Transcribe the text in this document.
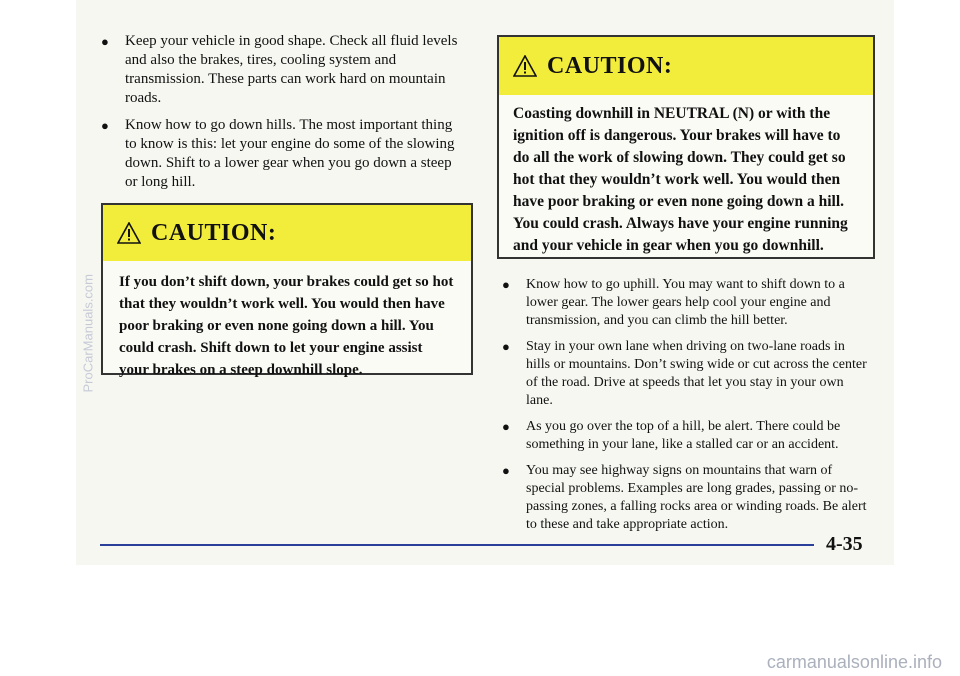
● Keep your vehicle in good shape. Check all fluid levels and also the brakes, tires, cooling system and transmission. These parts can work hard on mountain roads.
● Know how to go down hills. The most important thing to know is this: let your engine do some of the slowing down. Shift to a lower gear when you go down a steep or long hill.
CAUTION:
If you don’t shift down, your brakes could get so hot that they wouldn’t work well. You would then have poor braking or even none going down a hill. You could crash. Shift down to let your engine assist your brakes on a steep downhill slope.
CAUTION:
Coasting downhill in NEUTRAL (N) or with the ignition off is dangerous. Your brakes will have to do all the work of slowing down. They could get so hot that they wouldn’t work well. You would then have poor braking or even none going down a hill. You could crash. Always have your engine running and your vehicle in gear when you go downhill.
● Know how to go uphill. You may want to shift down to a lower gear. The lower gears help cool your engine and transmission, and you can climb the hill better.
● Stay in your own lane when driving on two-lane roads in hills or mountains. Don’t swing wide or cut across the center of the road. Drive at speeds that let you stay in your own lane.
● As you go over the top of a hill, be alert. There could be something in your lane, like a stalled car or an accident.
● You may see highway signs on mountains that warn of special problems. Examples are long grades, passing or no-passing zones, a falling rocks area or winding roads. Be alert to these and take appropriate action.
4-35
ProCarManuals.com
carmanualsonline.info
